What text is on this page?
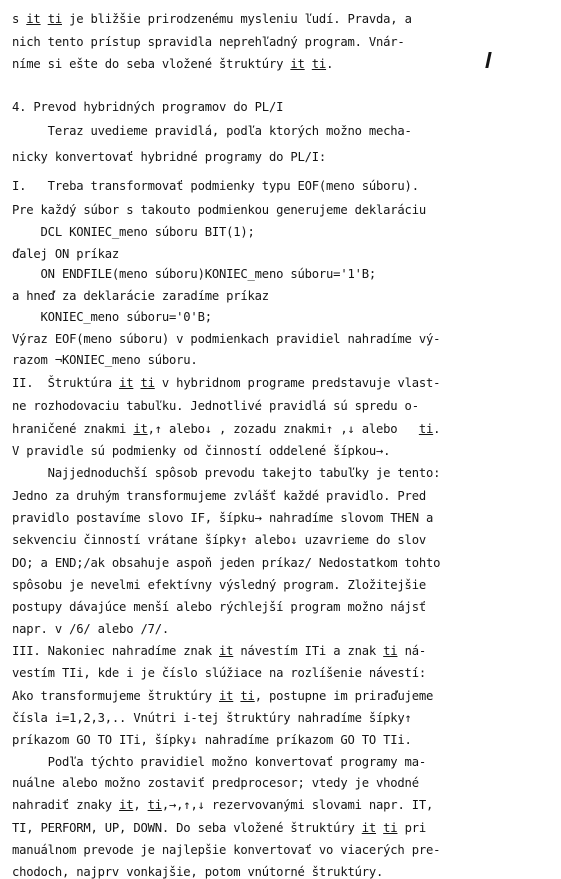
s it ti je bližšie prirodzenému mysleniu ľudí. Pravda, a
nich tento prístup spravidla neprehľadný program. Vnár-
níme si ešte do seba vložené štruktúry it ti.
4. Prevod hybridných programov do PL/I
Teraz uvedieme pravidlá, podľa ktorých možno mecha-
nicky konvertovať hybridné programy do PL/I:
I.   Treba transformovať podmienky typu EOF(meno súboru).
Pre každý súbor s takouto podmienkou generujeme deklaráciu
DCL KONIEC_meno súboru BIT(1);
ďalej ON príkaz
ON ENDFILE(meno súboru)KONIEC_meno súboru='1'B;
a hneď za deklarácie zaradíme príkaz
KONIEC_meno súboru='0'B;
Výraz EOF(meno súboru) v podmienkach pravidiel nahradíme vý-
razom ¬KONIEC_meno súboru.
II.  Štruktúra it ti v hybridnom programe predstavuje vlast-
ne rozhodovaciu tabuľku. Jednotlivé pravidlá sú spredu o-
hraničené znakmi it,↑ alebo↓ , zozadu znakmi↑ ,↓ alebo   ti.
V pravidle sú podmienky od činností oddelené šípkou→.
Najjednoduchší spôsob prevodu takejto tabuľky je tento:
Jedno za druhým transformujeme zvlášť každé pravidlo. Pred
pravidlo postavíme slovo IF, šípku→ nahradíme slovom THEN a
sekvenciu činností vrátane šípky↑ alebo↓ uzavrieme do slov
DO; a END;/ak obsahuje aspoň jeden príkaz/ Nedostatkom tohto
spôsobu je nevelmi efektívny výsledný program. Zložitejšie
postupy dávajúce menší alebo rýchlejší program možno nájsť
napr. v /6/ alebo /7/.
III. Nakoniec nahradíme znak it návestím ITi a znak ti ná-
vestím TIi, kde i je číslo slúžiace na rozlíšenie návestí:
Ako transformujeme štruktúry it ti, postupne im priraďujeme
čísla i=1,2,3,.. Vnútri i-tej štruktúry nahradíme šípky↑
príkazom GO TO ITi, šípky↓ nahradíme príkazom GO TO TIi.
Podľa týchto pravidiel možno konvertovať programy ma-
nuálne alebo možno zostaviť predprocesor; vtedy je vhodné
nahradiť znaky it, ti,→,↑,↓ rezervovanými slovami napr. IT,
TI, PERFORM, UP, DOWN. Do seba vložené štruktúry it ti pri
manuálnom prevode je najlepšie konvertovať vo viacerých pre-
chodoch, najprv vonkajšie, potom vnútorné štruktúry.
